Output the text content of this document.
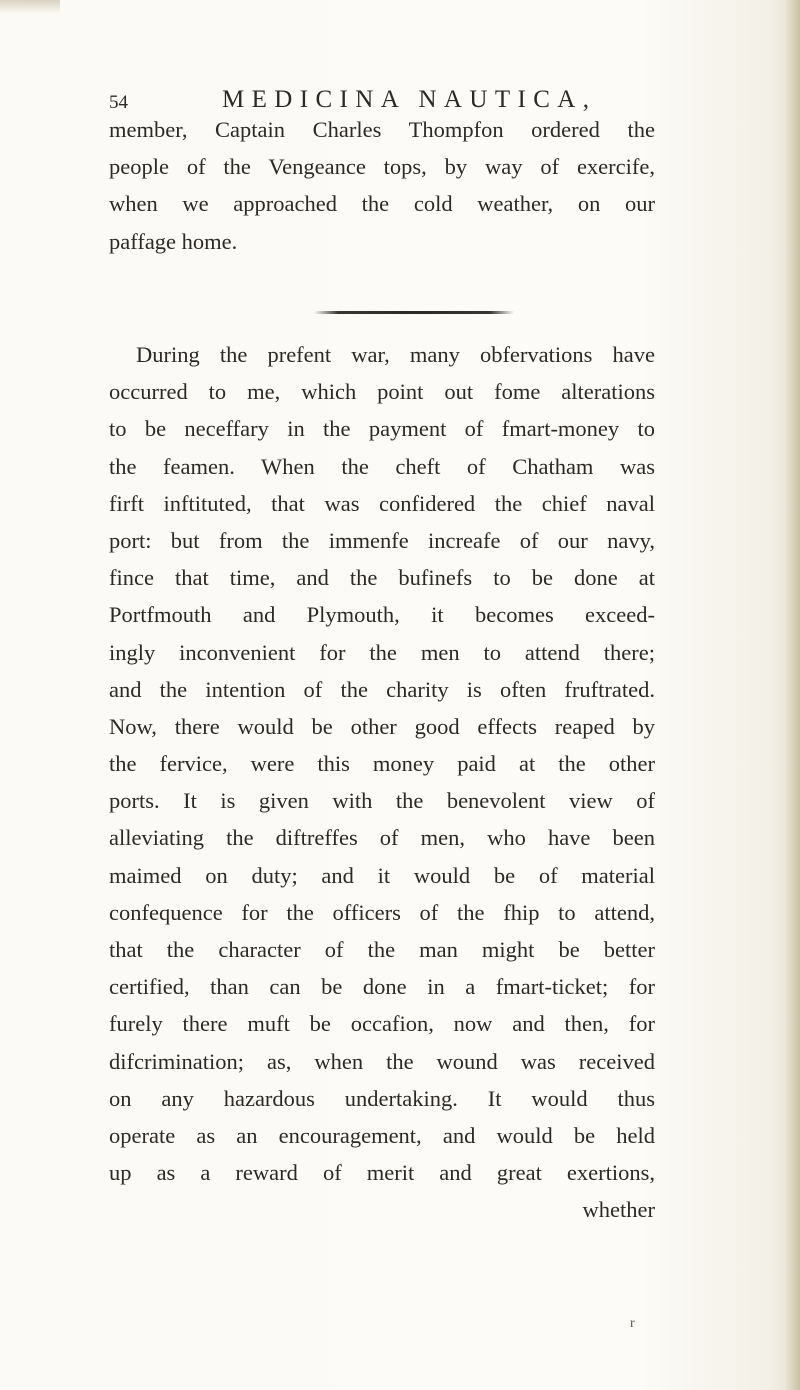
54	MEDICINA NAUTICA,
member, Captain Charles Thompfon ordered the
people of the Vengeance tops, by way of exercife,
when we approached the cold weather, on our
paffage home.
During the prefent war, many obfervations have
occurred to me, which point out fome alterations
to be neceffary in the payment of fmart-money to
the feamen. When the cheft of Chatham was
firft inftituted, that was confidered the chief naval
port: but from the immenfe increafe of our navy,
fince that time, and the bufinefs to be done at
Portfmouth and Plymouth, it becomes exceed-
ingly inconvenient for the men to attend there;
and the intention of the charity is often fruftrated.
Now, there would be other good effects reaped by
the fervice, were this money paid at the other
ports. It is given with the benevolent view of
alleviating the diftreffes of men, who have been
maimed on duty; and it would be of material
confequence for the officers of the fhip to attend,
that the character of the man might be better
certified, than can be done in a fmart-ticket; for
furely there muft be occafion, now and then, for
difcrimination; as, when the wound was received
on any hazardous undertaking. It would thus
operate as an encouragement, and would be held
up as a reward of merit and great exertions,
whether
r
